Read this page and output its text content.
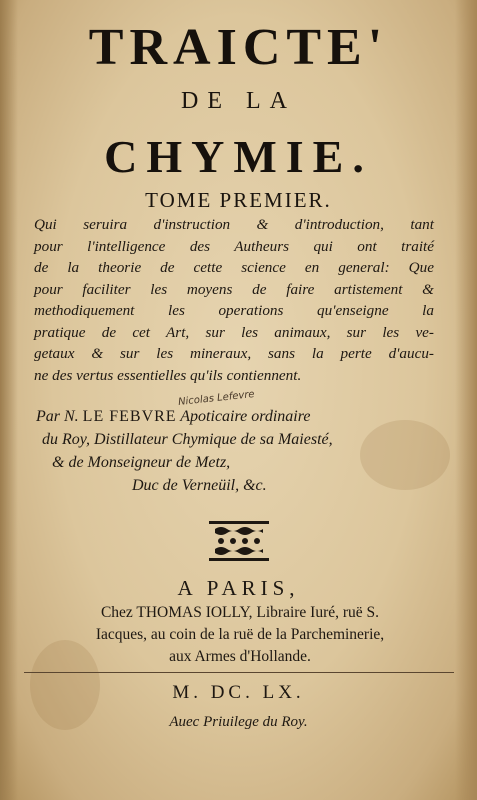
TRAICTE'
DE LA
CHYMIE.
TOME PREMIER.
Qui seruira d'instruction & d'introduction, tant
pour l'intelligence des Autheurs qui ont traité
de la theorie de cette science en general: Que
pour faciliter les moyens de faire artistement &
methodiquement les operations qu'enseigne la
pratique de cet Art, sur les animaux, sur les ve-
getaux & sur les mineraux, sans la perte d'aucu-
ne des vertus essentielles qu'ils contiennent.
Nicolas Lefevre
Par N. LE FEBVRE Apoticaire ordinaire
du Roy, Distillateur Chymique de sa Maiesté,
& de Monseigneur de Metz,
Duc de Verneüil, &c.
A PARIS,
Chez THOMAS IOLLY, Libraire Iuré, ruë S.
Iacques, au coin de la ruë de la Parcheminerie,
aux Armes d'Hollande.
M. DC. LX.
Auec Priuilege du Roy.
